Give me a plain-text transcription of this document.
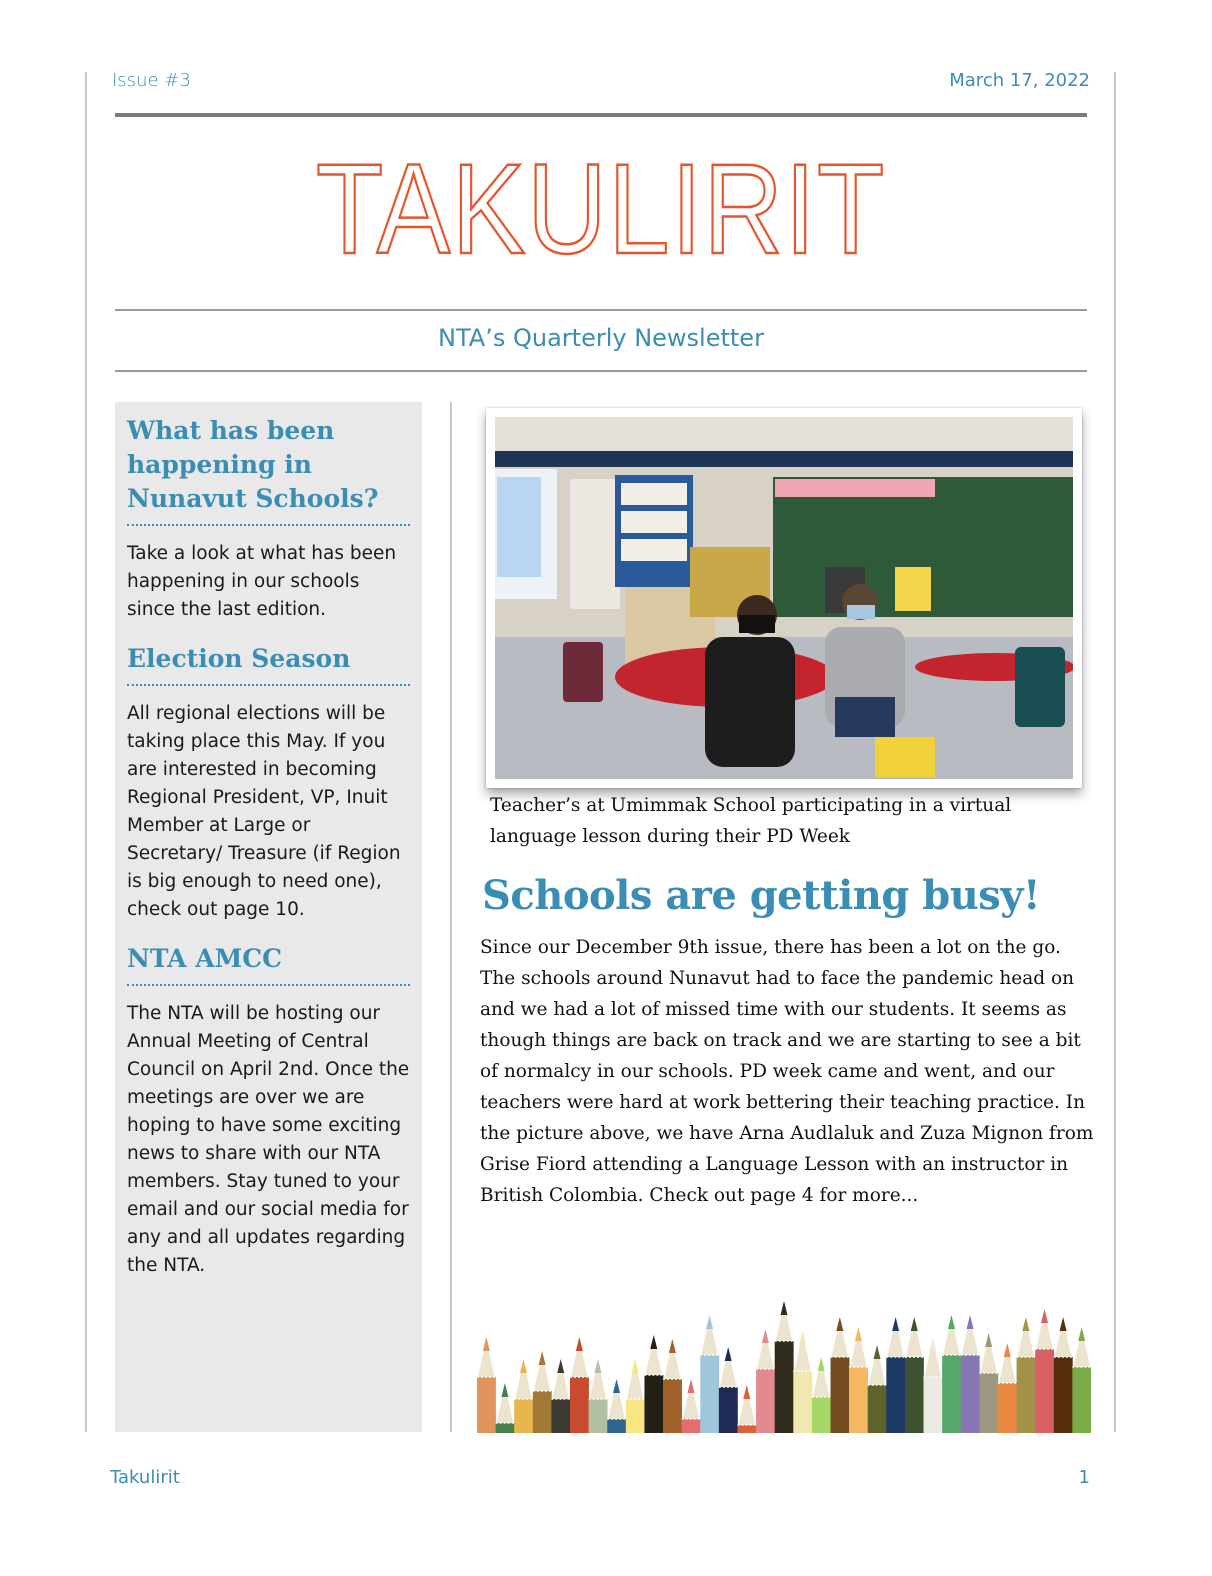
Issue #3	March 17, 2022
TAKULIRIT
NTA’s Quarterly Newsletter
What has been happening in Nunavut Schools?
Take a look at what has been happening in our schools since the last edition.
Election Season
All regional elections will be taking place this May. If you are interested in becoming Regional President, VP, Inuit Member at Large or Secretary/ Treasure (if Region is big enough to need one), check out page 10.
NTA AMCC
The NTA will be hosting our Annual Meeting of Central Council on April 2nd. Once the meetings are over we are hoping to have some exciting news to share with our NTA members. Stay tuned to your email and our social media for any and all updates regarding the NTA.
Teacher’s at Umimmak School participating in a virtual language lesson during their PD Week
Schools are getting busy!
Since our December 9th issue, there has been a lot on the go. The schools around Nunavut had to face the pandemic head on and we had a lot of missed time with our students. It seems as though things are back on track and we are starting to see a bit of normalcy in our schools. PD week came and went, and our teachers were hard at work bettering their teaching practice. In the picture above, we have Arna Audlaluk and Zuza Mignon from Grise Fiord attending a Language Lesson with an instructor in British Colombia. Check out page 4 for more...
Takulirit	1
